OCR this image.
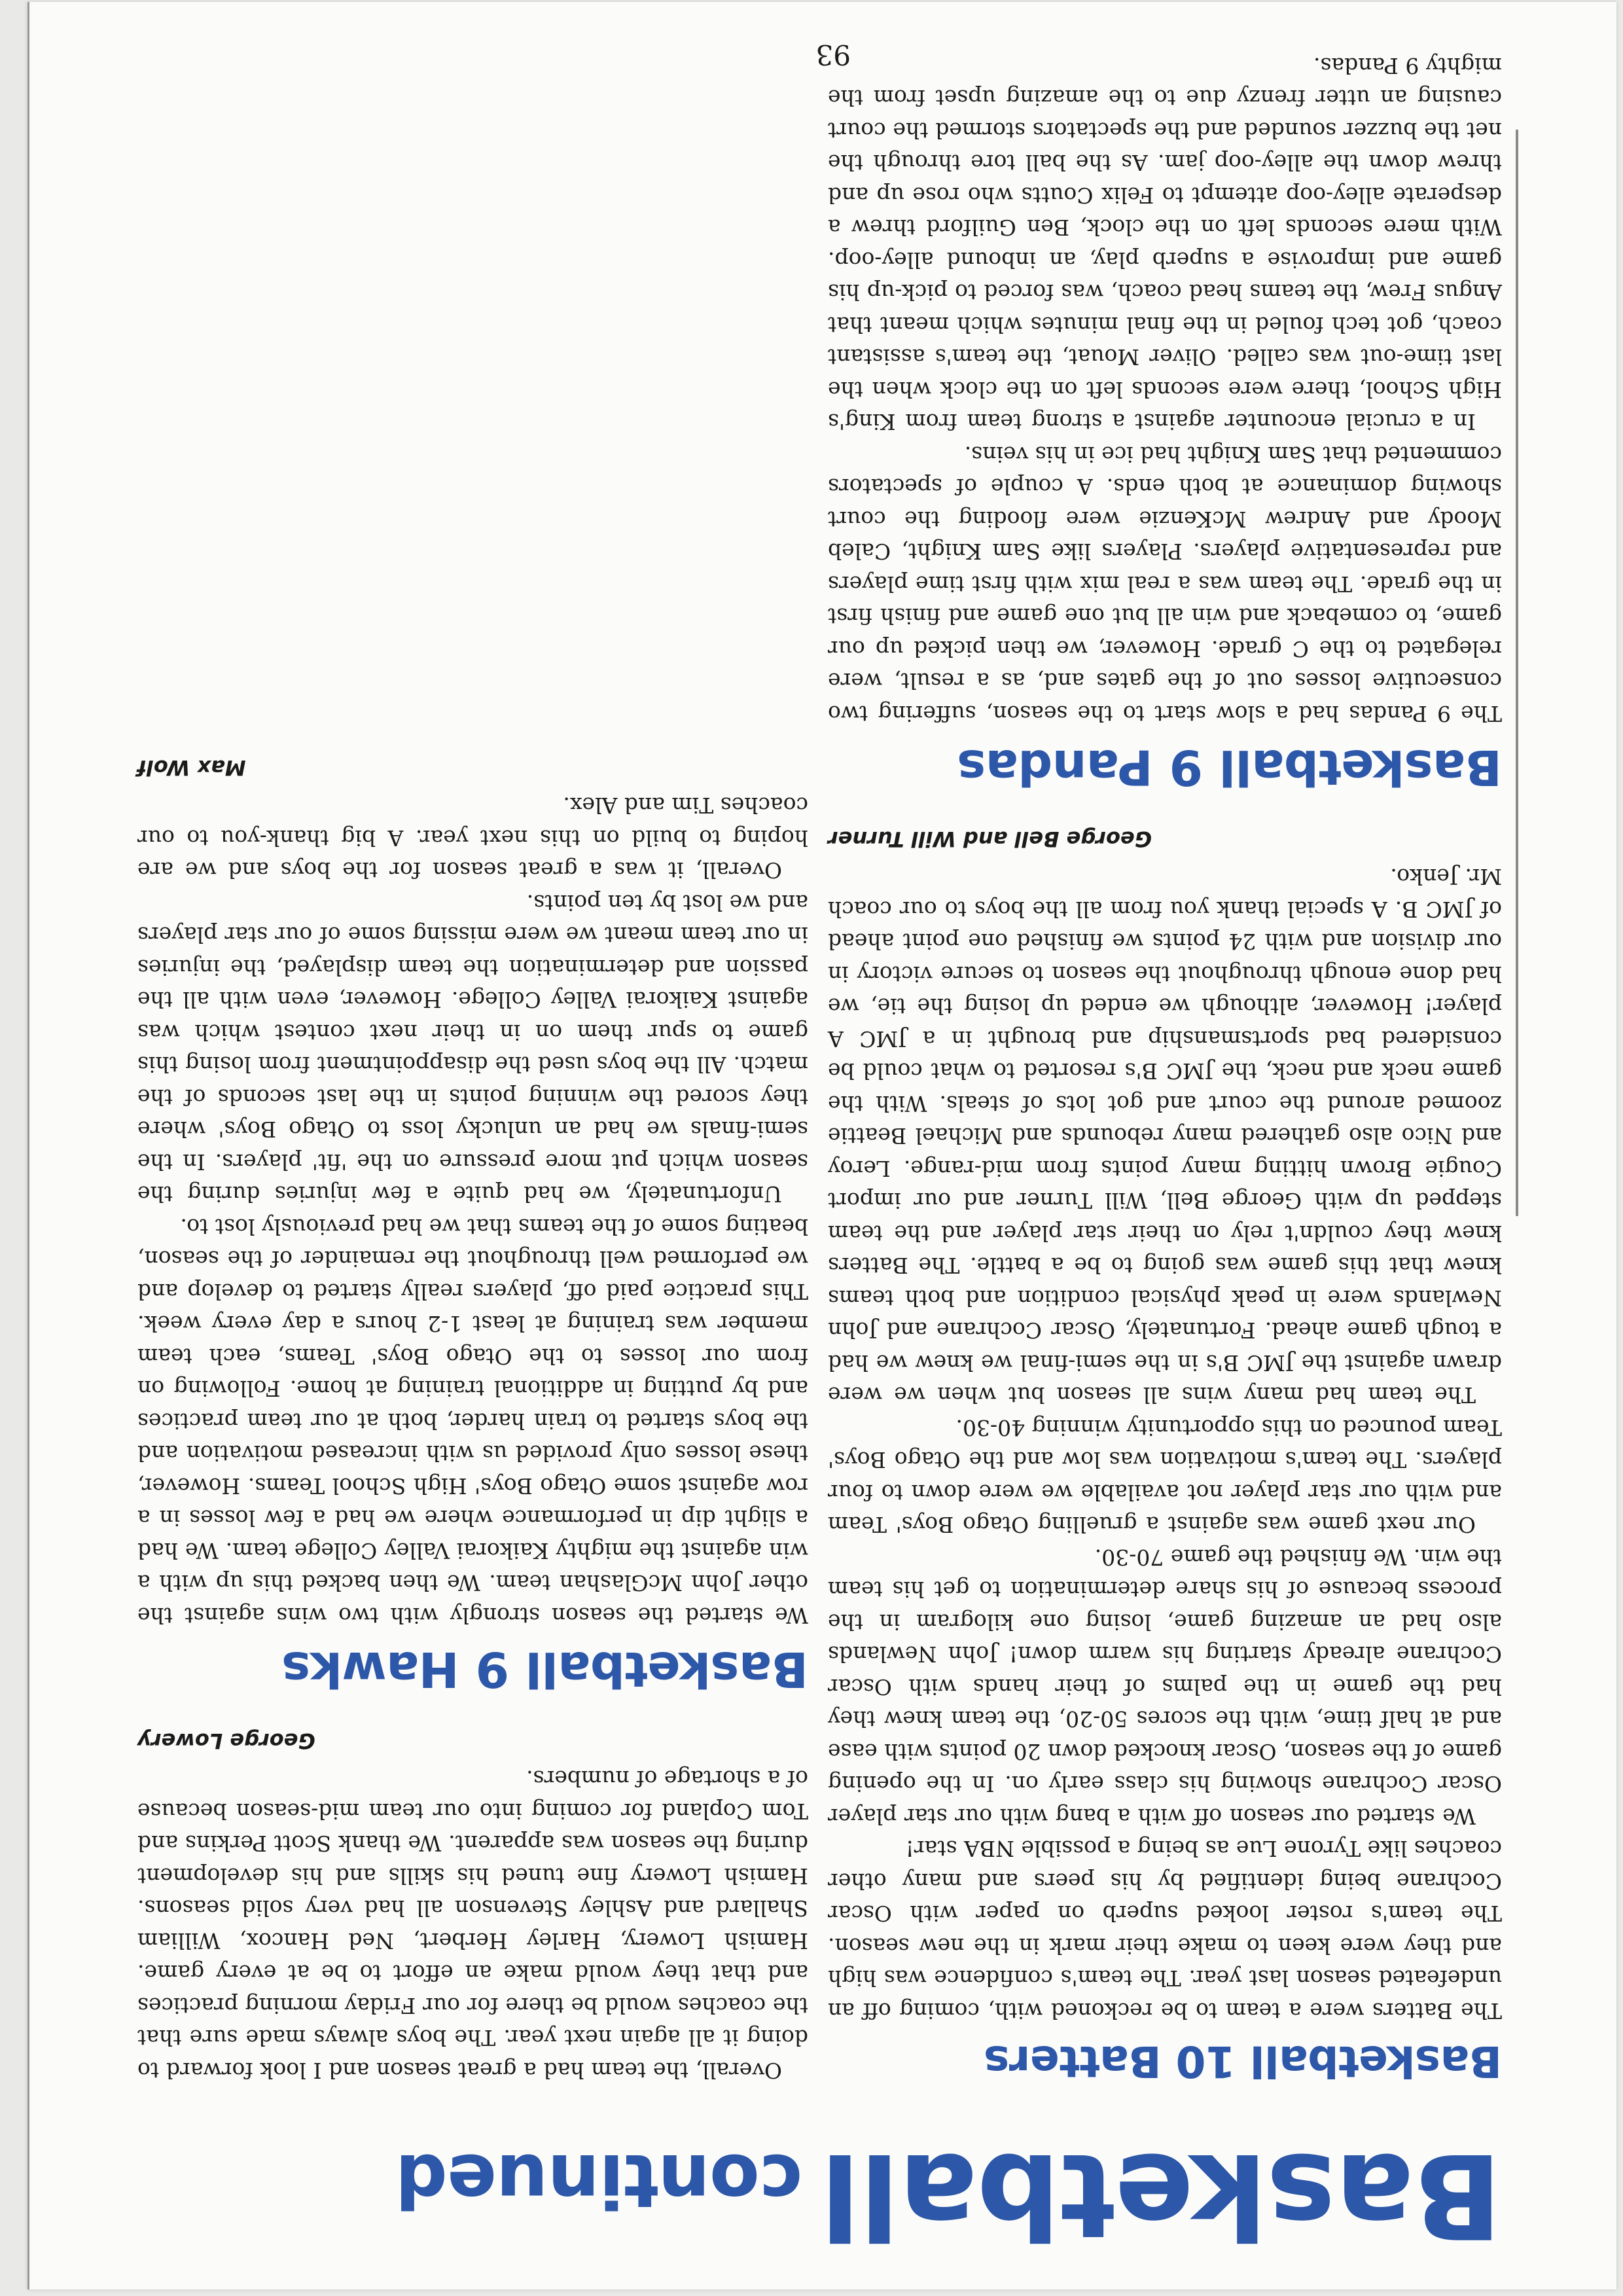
Basketballcontinued
Basketball 10 Batters

The Batters were a team to be reckoned with, coming off an undefeated season last year. The team's confidence was high and they were keen to make their mark in the new season. The team's roster looked superb on paper with Oscar Cochrane being identified by his peers and many other coaches like Tyrone Lue as being a possible NBA star!

We started our season off with a bang with our star player Oscar Cochrane showing his class early on. In the opening game of the season, Oscar knocked down 20 points with ease and at half time, with the scores 50-20, the team knew they had the game in the palms of their hands with Oscar Cochrane already starting his warm down! John Newlands also had an amazing game, losing one kilogram in the process because of his share determination to get his team the win. We finished the game 70-30.

Our next game was against a gruelling Otago Boys' Team and with our star player not available we were down to four players. The team's motivation was low and the Otago Boys' Team pounced on this opportunity winning 40-30.

The team had many wins all season but when we were drawn against the JMC B's in the semi-final we knew we had a tough game ahead. Fortunately, Oscar Cochrane and John Newlands were in peak physical condition and both teams knew that this game was going to be a battle. The Batters knew they couldn't rely on their star player and the team stepped up with George Bell, Will Turner and our import Cougie Brown hitting many points from mid-range. Leroy and Nico also gathered many rebounds and Michael Beattie zoomed around the court and got lots of steals. With the game neck and neck, the JMC B's resorted to what could be considered bad sportsmanship and brought in a JMC A player! However, although we ended up losing the tie, we had done enough throughout the season to secure victory in our division and with 24 points we finished one point ahead of JMC B. A special thank you from all the boys to our coach Mr. Jenko.

George Bell and Will Turner
Basketball 9 Pandas

The 9 Pandas had a slow start to the season, suffering two consecutive losses out of the gates and, as a result, were relegated to the C grade. However, we then picked up our game, to comeback and win all but one game and finish first in the grade. The team was a real mix with first time players and representative players. Players like Sam Knight, Caleb Moody and Andrew McKenzie were flooding the court showing dominance at both ends. A couple of spectators commented that Sam Knight had ice in his veins.

In a crucial encounter against a strong team from King's High School, there were seconds left on the clock when the last time-out was called. Oliver Mouat, the team's assistant coach, got tech fouled in the final minutes which meant that Angus Frew, the teams head coach, was forced to pick-up his game and improvise a superb play, an inbound alley-oop. With mere seconds left on the clock, Ben Guilford threw a desperate alley-oop attempt to Felix Coutts who rose up and threw down the alley-oop jam. As the ball tore through the net the buzzer sounded and the spectators stormed the court causing an utter frenzy due to the amazing upset from the mighty 9 Pandas.

Overall, the team had a great season and I look forward to doing it all again next year. The boys always made sure that the coaches would be there for our Friday morning practices and that they would make an effort to be at every game. Hamish Lowery, Harley Herbert, Ned Hancox, William Shallard and Ashley Stevenson all had very solid seasons. Hamish Lowery fine tuned his skills and his development during the season was apparent. We thank Scott Perkins and Tom Copland for coming into our team mid-season because of a shortage of numbers.

George Lowery
Basketball 9 Hawks

We started the season strongly with two wins against the other John McGlashan team. We then backed this up with a win against the mighty Kaikorai Valley College team. We had a slight dip in performance where we had a few losses in a row against some Otago Boys' High School Teams. However, these losses only provided us with increased motivation and the boys started to train harder, both at our team practices and by putting in additional training at home. Following on from our losses to the Otago Boys' Teams, each team member was training at least 1-2 hours a day every week. This practice paid off, players really started to develop and we performed well throughout the remainder of the season, beating some of the teams that we had previously lost to.

Unfortunately, we had quite a few injuries during the season which put more pressure on the 'fit' players. In the semi-finals we had an unlucky loss to Otago Boys' where they scored the winning points in the last seconds of the match. All the boys used the disappointment from losing this game to spur them on in their next contest which was against Kaikorai Valley College. However, even with all the passion and determination the team displayed, the injuries in our team meant we were missing some of our star players and we lost by ten points.

Overall, it was a great season for the boys and we are hoping to build on this next year. A big thank-you to our coaches Tim and Alex.

Max Wolf
93
